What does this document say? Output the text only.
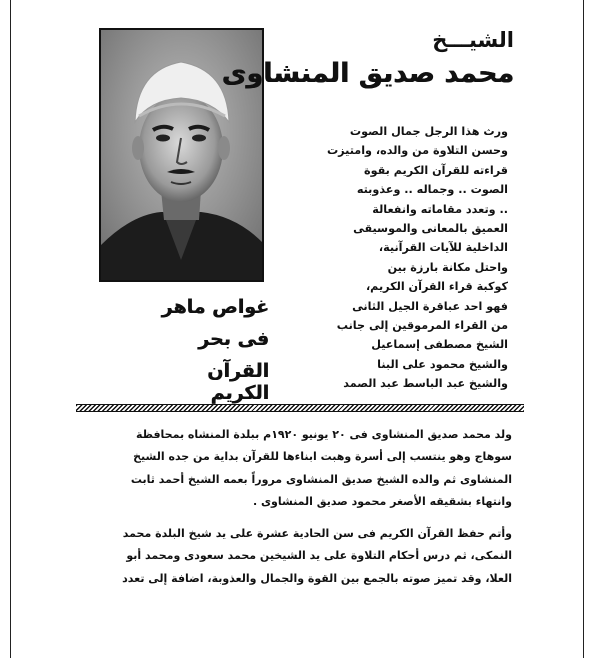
الشيـــخ
محمد صديق المنشاوى
ورث هذا الرجل جمال الصوت
وحسن التلاوة من والده، وامتيزت
قراءته للقرآن الكريم بقوة
الصوت .. وجماله .. وعذوبته
.. وتعدد مقاماته وانفعالة
العميق بالمعانى والموسيقى
الداخلية للآيات القرآنية،
واحتل مكانة بارزة بين
كوكبة قراء القرآن الكريم،
فهو احد عباقرة الجيل الثانى
من القراء المرموقين إلى جانب
الشيخ مصطفى إسماعيل
والشيخ محمود على البنا
والشيخ عبد الباسط عبد الصمد
غواص ماهر
فى بحر
القرآن الكريم
ولد محمد صديق المنشاوى فى ٢٠ يونيو ١٩٢٠م ببلدة المنشاه بمحافظة
سوهاج وهو ينتسب إلى أسرة وهبت ابناءها للقرآن بداية من جده الشيخ
المنشاوى ثم والده الشيخ صديق المنشاوى مروراً بعمه الشيخ أحمد ثابت
وانتهاء بشقيقه الأصغر محمود صديق المنشاوى .
وأتم حفظ القرآن الكريم فى سن الحادية عشرة على يد شيخ البلدة محمد
النمكى، ثم درس أحكام التلاوة على يد الشيخين محمد سعودى ومحمد أبو
العلا، وقد تميز صوته بالجمع بين القوة والجمال والعذوبة، اضافة إلى تعدد
